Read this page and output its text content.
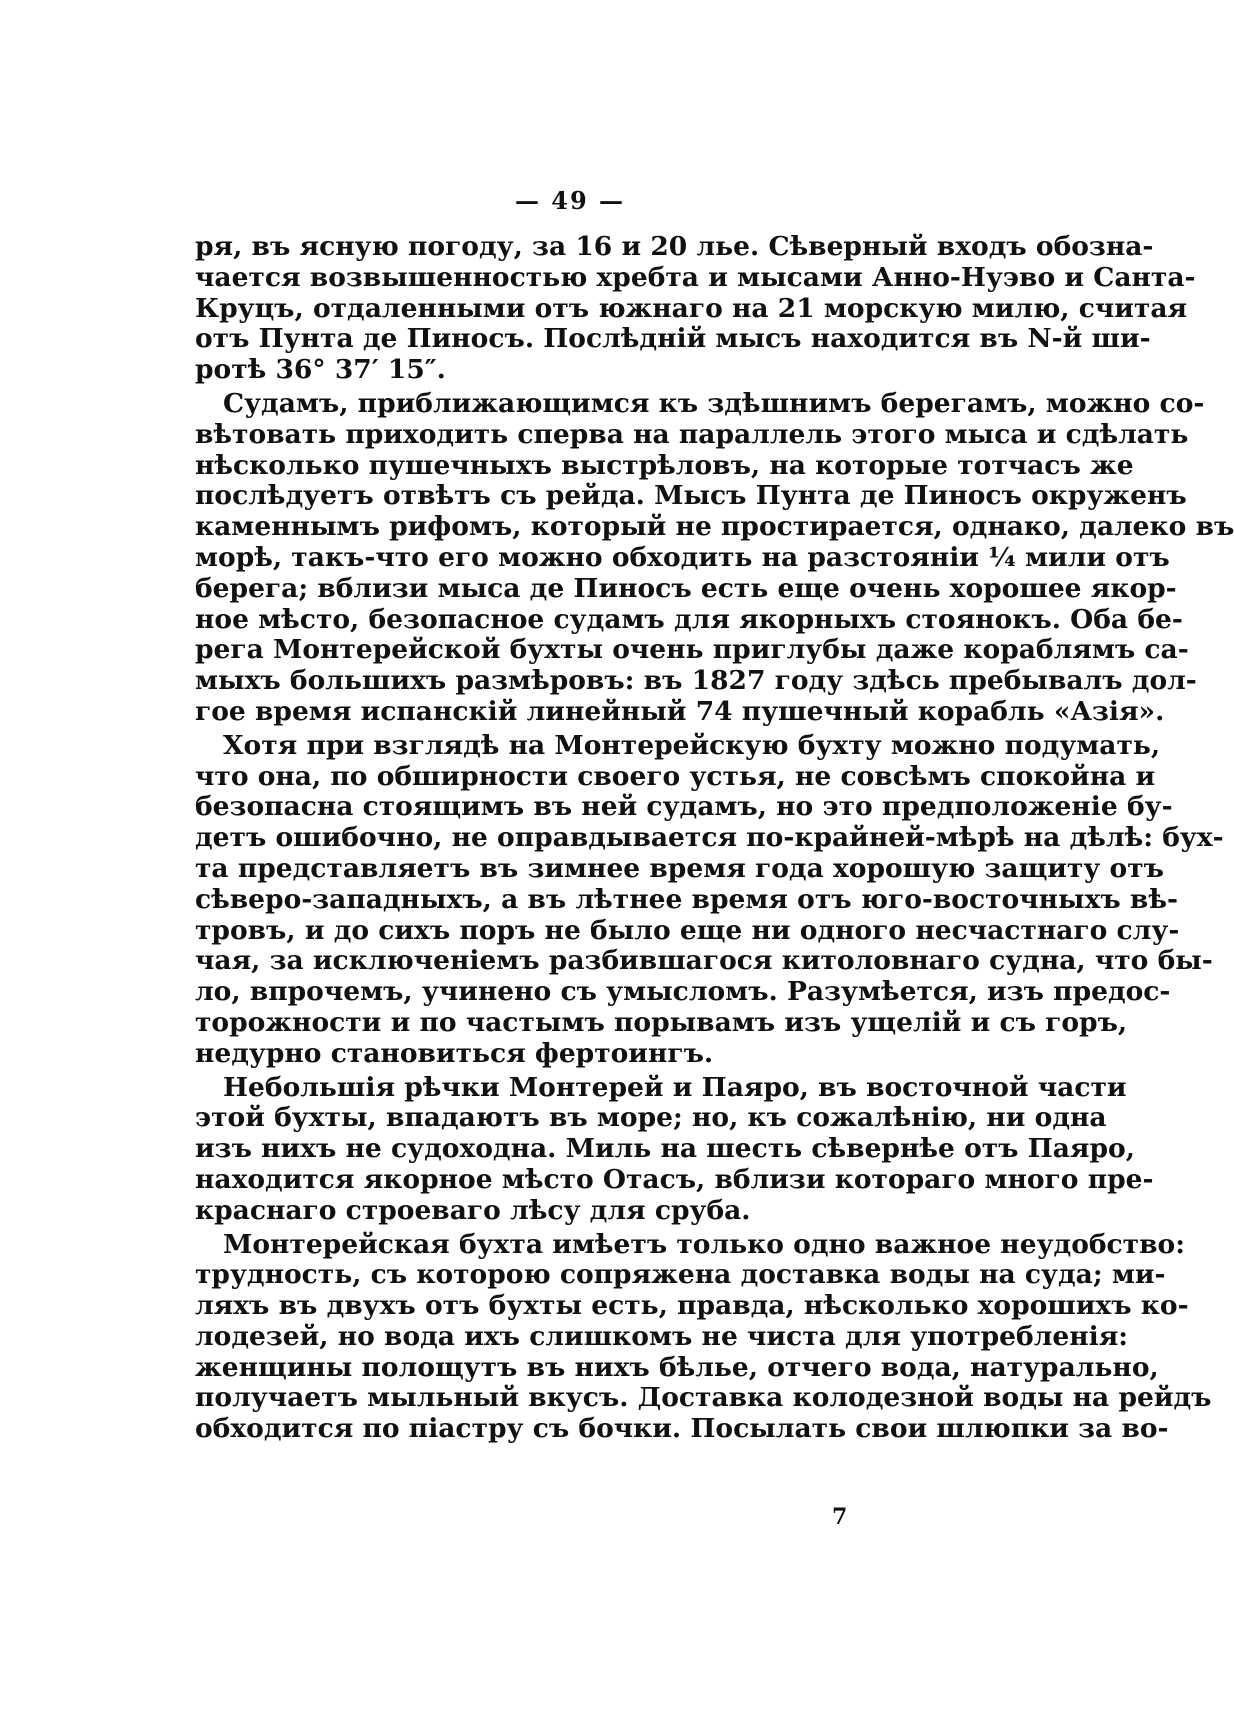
— 49 —
ря, въ ясную погоду, за 16 и 20 лье. Сѣверный входъ обозна-
чается возвышенностью хребта и мысами Анно-Нуэво и Санта-
Круцъ, отдаленными отъ южнаго на 21 морскую милю, считая
отъ Пунта де Пиносъ. Послѣдній мысъ находится въ N-й ши-
ротѣ 36° 37′ 15″.
Судамъ, приближающимся къ здѣшнимъ берегамъ, можно со-
вѣтовать приходить сперва на параллель этого мыса и сдѣлать
нѣсколько пушечныхъ выстрѣловъ, на которые тотчасъ же
послѣдуетъ отвѣтъ съ рейда. Мысъ Пунта де Пиносъ окруженъ
каменнымъ рифомъ, который не простирается, однако, далеко въ
морѣ, такъ-что его можно обходить на разстояніи ¼ мили отъ
берега; вблизи мыса де Пиносъ есть еще очень хорошее якор-
ное мѣсто, безопасное судамъ для якорныхъ стоянокъ. Оба бе-
рега Монтерейской бухты очень приглубы даже кораблямъ са-
мыхъ большихъ размѣровъ: въ 1827 году здѣсь пребывалъ дол-
гое время испанскій линейный 74 пушечный корабль «Азія».
Хотя при взглядѣ на Монтерейскую бухту можно подумать,
что она, по обширности своего устья, не совсѣмъ спокойна и
безопасна стоящимъ въ ней судамъ, но это предположеніе бу-
детъ ошибочно, не оправдывается по-крайней-мѣрѣ на дѣлѣ: бух-
та представляетъ въ зимнее время года хорошую защиту отъ
сѣверо-западныхъ, а въ лѣтнее время отъ юго-восточныхъ вѣ-
тровъ, и до сихъ поръ не было еще ни одного несчастнаго слу-
чая, за исключеніемъ разбившагося китоловнаго судна, что бы-
ло, впрочемъ, учинено съ умысломъ. Разумѣется, изъ предос-
торожности и по частымъ порывамъ изъ ущелій и съ горъ,
недурно становиться фертоингъ.
Небольшія рѣчки Монтерей и Паяро, въ восточной части
этой бухты, впадаютъ въ море; но, къ сожалѣнію, ни одна
изъ нихъ не судоходна. Миль на шесть сѣвернѣе отъ Паяро,
находится якорное мѣсто Отасъ, вблизи котораго много пре-
краснаго строеваго лѣсу для сруба.
Монтерейская бухта имѣетъ только одно важное неудобство:
трудность, съ которою сопряжена доставка воды на суда; ми-
ляхъ въ двухъ отъ бухты есть, правда, нѣсколько хорошихъ ко-
лодезей, но вода ихъ слишкомъ не чиста для употребленія:
женщины полощутъ въ нихъ бѣлье, отчего вода, натурально,
получаетъ мыльный вкусъ. Доставка колодезной воды на рейдъ
обходится по піастру съ бочки. Посылать свои шлюпки за во-
7
